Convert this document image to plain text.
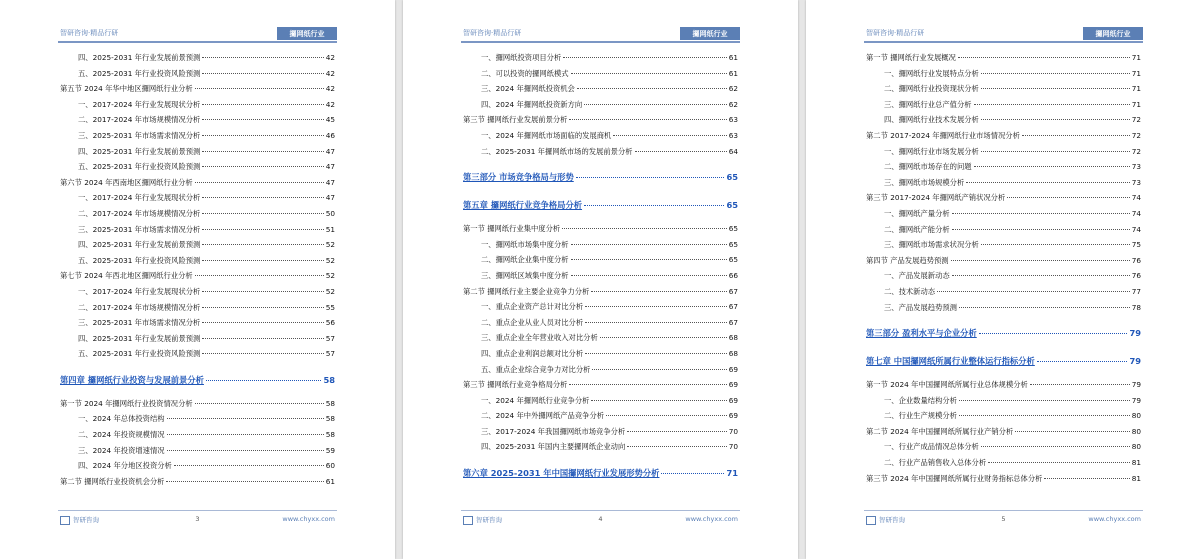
智研咨询·精品行研	攞网纸行业
四、2025-2031 年行业发展前景预测	42
五、2025-2031 年行业投资风险预测	42
第五节 2024 年华中地区攞网纸行业分析	42
一、2017-2024 年行业发展现状分析	42
二、2017-2024 年市场规模情况分析	45
三、2025-2031 年市场需求情况分析	46
四、2025-2031 年行业发展前景预测	47
五、2025-2031 年行业投资风险预测	47
第六节 2024 年西南地区攞网纸行业分析	47
一、2017-2024 年行业发展现状分析	47
二、2017-2024 年市场规模情况分析	50
三、2025-2031 年市场需求情况分析	51
四、2025-2031 年行业发展前景预测	52
五、2025-2031 年行业投资风险预测	52
第七节 2024 年西北地区攞网纸行业分析	52
一、2017-2024 年行业发展现状分析	52
二、2017-2024 年市场规模情况分析	55
三、2025-2031 年市场需求情况分析	56
四、2025-2031 年行业发展前景预测	57
五、2025-2031 年行业投资风险预测	57
第四章 攞网纸行业投资与发展前景分析	58
第一节 2024 年攞网纸行业投资情况分析	58
一、2024 年总体投资结构	58
二、2024 年投资规模情况	58
三、2024 年投资增速情况	59
四、2024 年分地区投资分析	60
第二节 攞网纸行业投资机会分析	61
智研咨询	3	www.chyxx.com
智研咨询·精品行研	攞网纸行业
一、攞网纸投资项目分析	61
二、可以投资的攞网纸模式	61
三、2024 年攞网纸投资机会	62
四、2024 年攞网纸投资新方向	62
第三节 攞网纸行业发展前景分析	63
一、2024 年攞网纸市场面临的发展商机	63
二、2025-2031 年攞网纸市场的发展前景分析	64
第三部分 市场竞争格局与形势	65
第五章 攞网纸行业竞争格局分析	65
第一节 攞网纸行业集中度分析	65
一、攞网纸市场集中度分析	65
二、攞网纸企业集中度分析	65
三、攞网纸区域集中度分析	66
第二节 攞网纸行业主要企业竞争力分析	67
一、重点企业资产总计对比分析	67
二、重点企业从业人员对比分析	67
三、重点企业全年营业收入对比分析	68
四、重点企业利润总额对比分析	68
五、重点企业综合竞争力对比分析	69
第三节 攞网纸行业竞争格局分析	69
一、2024 年攞网纸行业竞争分析	69
二、2024 年中外攞网纸产品竞争分析	69
三、2017-2024 年我国攞网纸市场竞争分析	70
四、2025-2031 年国内主要攞网纸企业动向	70
第六章 2025-2031 年中国攞网纸行业发展形势分析	71
智研咨询	4	www.chyxx.com
智研咨询·精品行研	攞网纸行业
第一节 攞网纸行业发展概况	71
一、攞网纸行业发展特点分析	71
二、攞网纸行业投资现状分析	71
三、攞网纸行业总产值分析	71
四、攞网纸行业技术发展分析	72
第二节 2017-2024 年攞网纸行业市场情况分析	72
一、攞网纸行业市场发展分析	72
二、攞网纸市场存在的问题	73
三、攞网纸市场规模分析	73
第三节 2017-2024 年攞网纸产销状况分析	74
一、攞网纸产量分析	74
二、攞网纸产能分析	74
三、攞网纸市场需求状况分析	75
第四节 产品发展趋势预测	76
一、产品发展新动态	76
二、技术新动态	77
三、产品发展趋势预测	78
第三部分 盈利水平与企业分析	79
第七章 中国攞网纸所属行业整体运行指标分析	79
第一节 2024 年中国攞网纸所属行业总体规模分析	79
一、企业数量结构分析	79
二、行业生产规模分析	80
第二节 2024 年中国攞网纸所属行业产销分析	80
一、行业产成品情况总体分析	80
二、行业产品销售收入总体分析	81
第三节 2024 年中国攞网纸所属行业财务指标总体分析	81
智研咨询	5	www.chyxx.com
